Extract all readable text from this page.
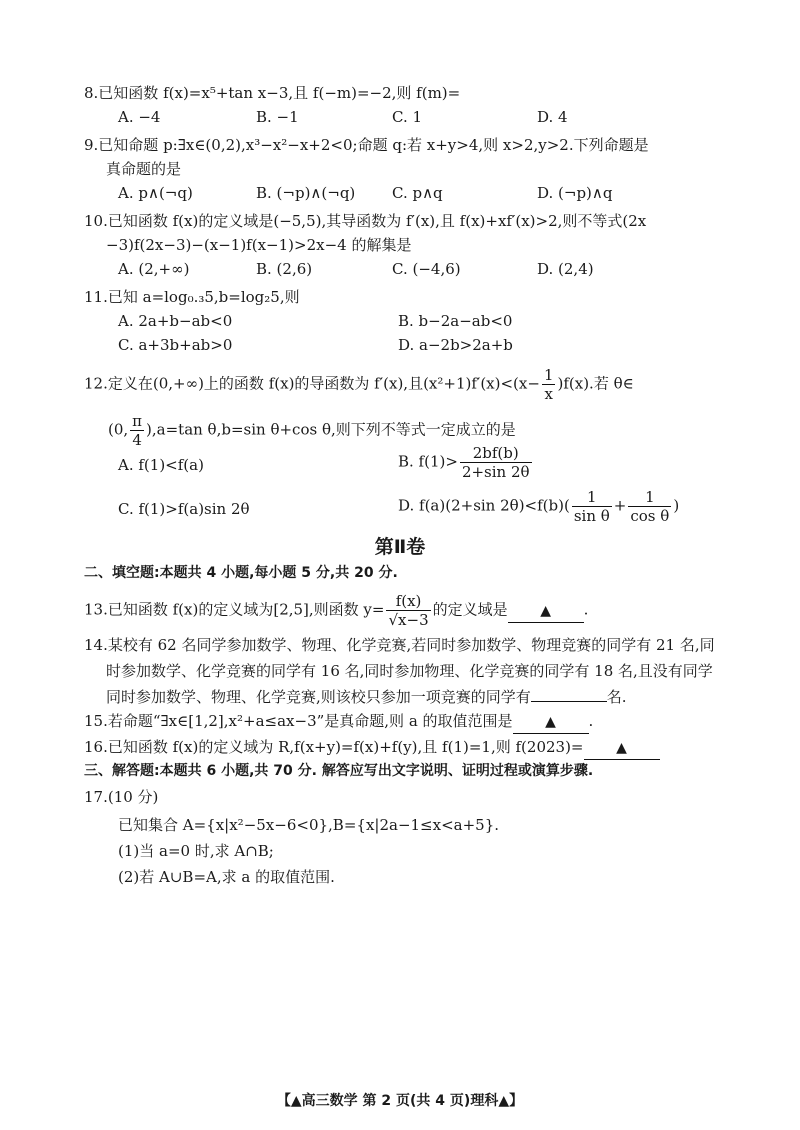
8.已知函数 f(x)=x⁵+tan x−3,且 f(−m)=−2,则 f(m)=
A. −4	B. −1	C. 1	D. 4
9.已知命题 p:∃x∈(0,2),x³−x²−x+2<0;命题 q:若 x+y>4,则 x>2,y>2.下列命题是
真命题的是
A. p∧(¬q)	B. (¬p)∧(¬q) C. p∧q	D. (¬p)∧q
10.已知函数 f(x)的定义域是(−5,5),其导函数为 f′(x),且 f(x)+xf′(x)>2,则不等式(2x
−3)f(2x−3)−(x−1)f(x−1)>2x−4 的解集是
A. (2,+∞)	B. (2,6)	C. (−4,6)	D. (2,4)
11.已知 a=log₀.₃5,b=log₂5,则
A. 2a+b−ab<0	B. b−2a−ab<0
C. a+3b+ab>0	D. a−2b>2a+b
12.定义在(0,+∞)上的函数 f(x)的导函数为 f′(x),且$(x^2+1)f'(x)<(x- \frac{1}{x} )f(x)$.若 θ∈
(0, $\frac{\pi}{4} ),a=\tan$ θ,b=sin θ+cos θ,则下列不等式一定成立的是
A. f(1)<f(a)	B. $f(1)> \frac{2bf(b)}{2+\sin 2\theta}$
C. f(1)>f(a)sin 2θ	D. f(a)(2+sin $2\theta)<f(b)( \frac{1}{\text{sin θ}} + \frac{1}{\text{cos θ}}$ )
第Ⅱ卷
二、填空题:本题共 4 小题,每小题 5 分,共 20 分.
13.已知函数 f(x)的定义域为[2,5],则函数 $y= \frac{f(x)}{√x-3}$ 的定义域是 ▲ .
14.某校有 62 名同学参加数学、物理、化学竞赛,若同时参加数学、物理竞赛的同学有 21 名,同
时参加数学、化学竞赛的同学有 16 名,同时参加物理、化学竞赛的同学有 18 名,且没有同学
同时参加数学、物理、化学竞赛,则该校只参加一项竞赛的同学有	名.
15.若命题“∃x∈[1,2],x²+a≤ax−3”是真命题,则 a 的取值范围是 ▲ .
16.已知函数 f(x)的定义域为 R,f(x+y)=f(x)+f(y),且 f(1)=1,则 f(2023)= ▲
三、解答题:本题共 6 小题,共 70 分. 解答应写出文字说明、证明过程或演算步骤.
17.(10 分)
已知集合 A={x|x²−5x−6<0},B={x|2a−1≤x<a+5}.
(1)当 a=0 时,求 A∩B;
(2)若 A∪B=A,求 a 的取值范围.
【▲高三数学 第 2 页(共 4 页)理科▲】
